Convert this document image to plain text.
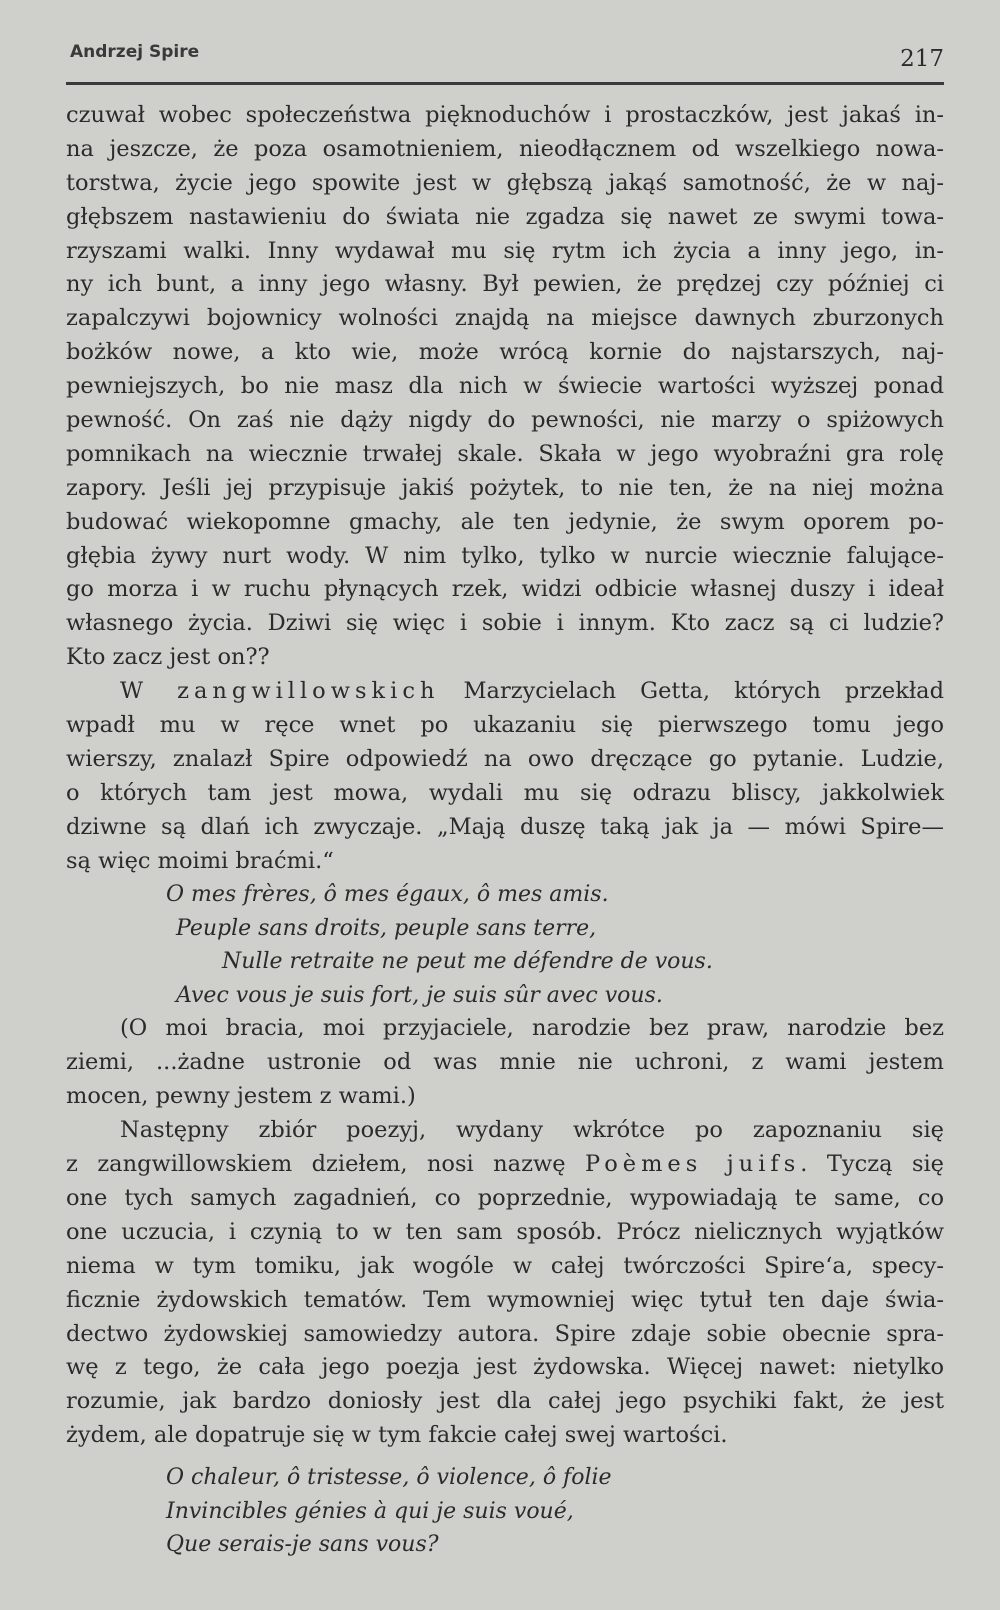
Andrzej Spire	217
czuwał wobec społeczeństwa pięknoduchów i prostaczków, jest jakaś in-
na jeszcze, że poza osamotnieniem, nieodłącznem od wszelkiego nowa-
torstwa, życie jego spowite jest w głębszą jakąś samotność, że w naj-
głębszem nastawieniu do świata nie zgadza się nawet ze swymi towa-
rzyszami walki. Inny wydawał mu się rytm ich życia a inny jego, in-
ny ich bunt, a inny jego własny. Był pewien, że prędzej czy później ci
zapalczywi bojownicy wolności znajdą na miejsce dawnych zburzonych
bożków nowe, a kto wie, może wrócą kornie do najstarszych, naj-
pewniejszych, bo nie masz dla nich w świecie wartości wyższej ponad
pewność. On zaś nie dąży nigdy do pewności, nie marzy o spiżowych
pomnikach na wiecznie trwałej skale. Skała w jego wyobraźni gra rolę
zapory. Jeśli jej przypisuje jakiś pożytek, to nie ten, że na niej można
budować wiekopomne gmachy, ale ten jedynie, że swym oporem po-
głębia żywy nurt wody. W nim tylko, tylko w nurcie wiecznie falujące-
go morza i w ruchu płynących rzek, widzi odbicie własnej duszy i ideał
własnego życia. Dziwi się więc i sobie i innym. Kto zacz są ci ludzie?
Kto zacz jest on??
W zangwillowskich Marzycielach Getta, których przekład
wpadł mu w ręce wnet po ukazaniu się pierwszego tomu jego
wierszy, znalazł Spire odpowiedź na owo dręczące go pytanie. Ludzie,
o których tam jest mowa, wydali mu się odrazu bliscy, jakkolwiek
dziwne są dlań ich zwyczaje. „Mają duszę taką jak ja — mówi Spire—
są więc moimi braćmi.“
O mes frères, ô mes égaux, ô mes amis.
Peuple sans droits, peuple sans terre,
Nulle retraite ne peut me défendre de vous.
Avec vous je suis fort, je suis sûr avec vous.
(O moi bracia, moi przyjaciele, narodzie bez praw, narodzie bez
ziemi, ...żadne ustronie od was mnie nie uchroni, z wami jestem
mocen, pewny jestem z wami.)
Następny zbiór poezyj, wydany wkrótce po zapoznaniu się
z zangwillowskiem dziełem, nosi nazwę Poèmes juifs. Tyczą się
one tych samych zagadnień, co poprzednie, wypowiadają te same, co
one uczucia, i czynią to w ten sam sposób. Prócz nielicznych wyjątków
niema w tym tomiku, jak wogóle w całej twórczości Spire‘a, specy-
ficznie żydowskich tematów. Tem wymowniej więc tytuł ten daje świa-
dectwo żydowskiej samowiedzy autora. Spire zdaje sobie obecnie spra-
wę z tego, że cała jego poezja jest żydowska. Więcej nawet: nietylko
rozumie, jak bardzo doniosły jest dla całej jego psychiki fakt, że jest
żydem, ale dopatruje się w tym fakcie całej swej wartości.
O chaleur, ô tristesse, ô violence, ô folie
Invincibles génies à qui je suis voué,
Que serais-je sans vous?
